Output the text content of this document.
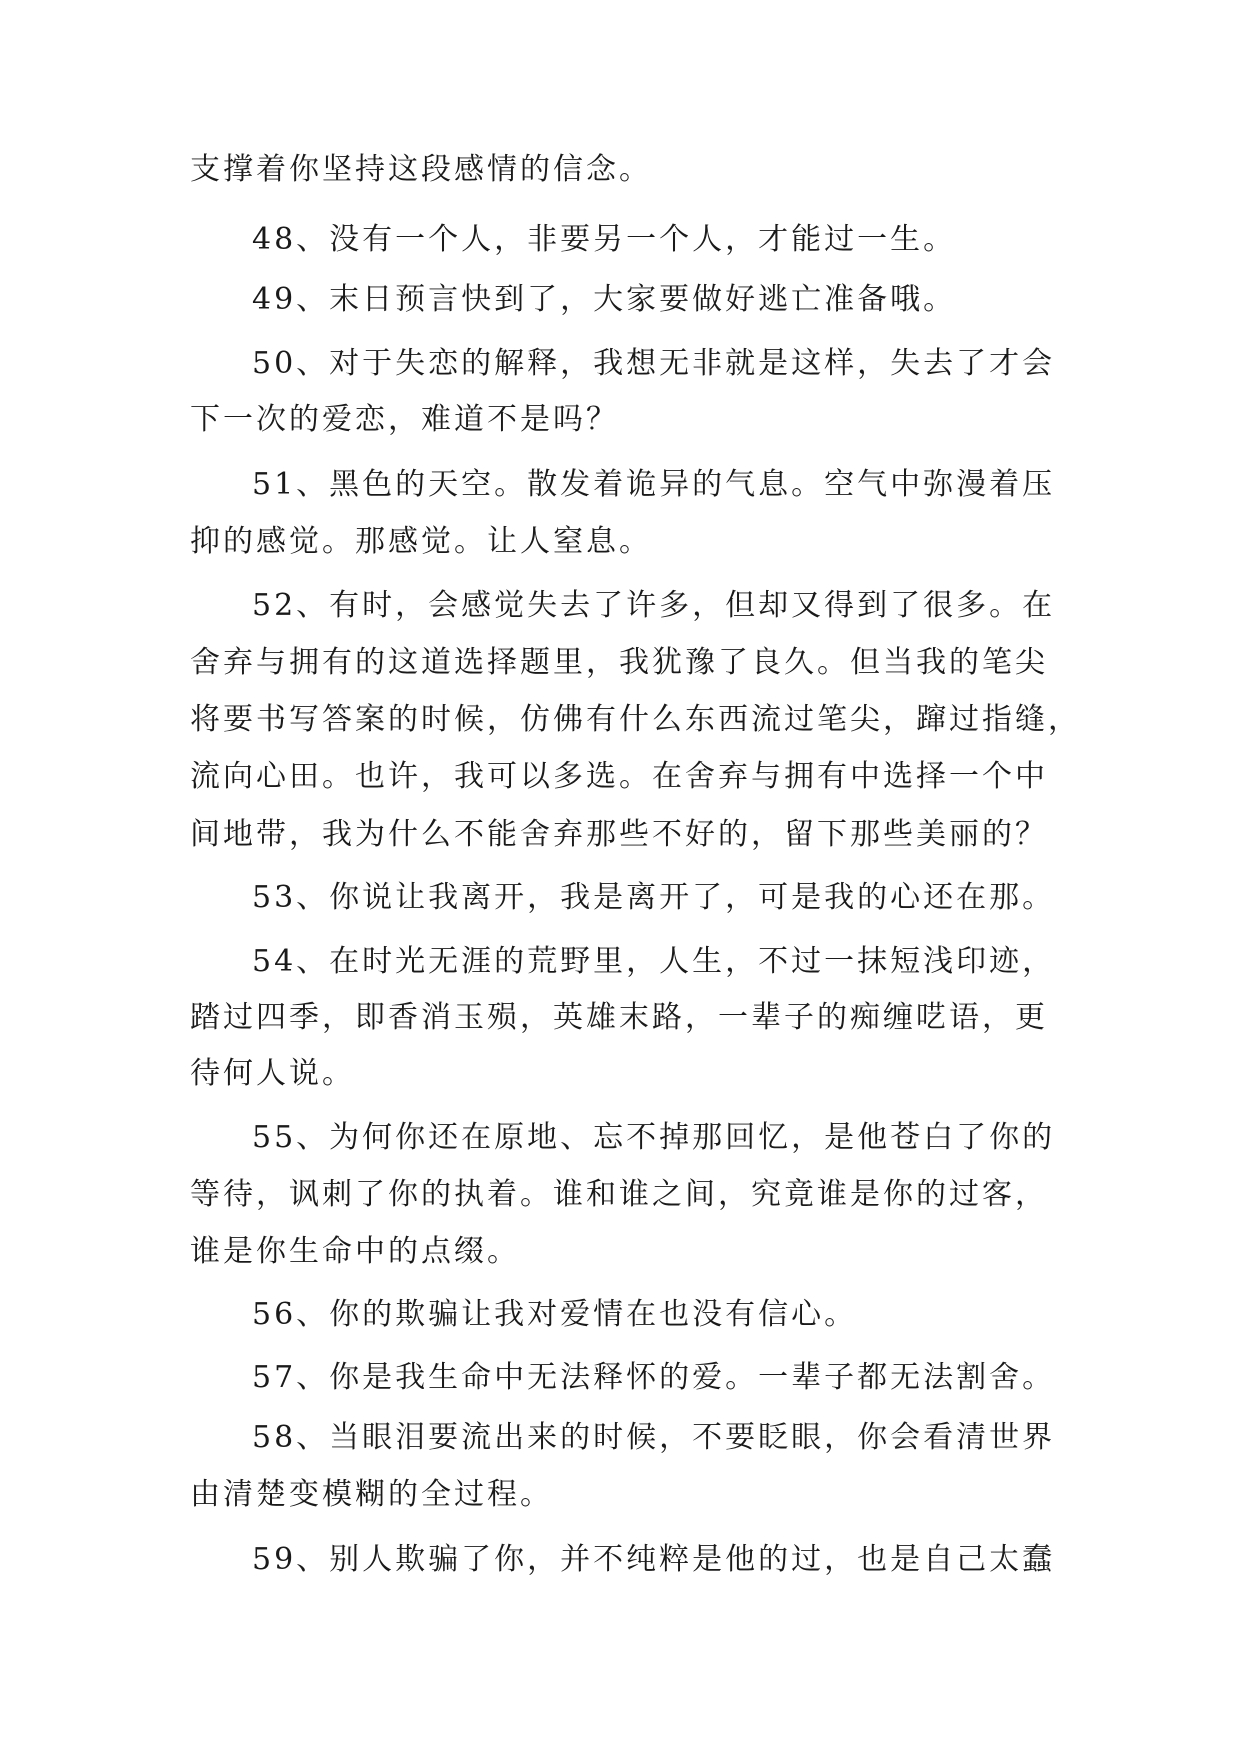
支撑着你坚持这段感情的信念。
48、没有一个人，非要另一个人，才能过一生。
49、末日预言快到了，大家要做好逃亡准备哦。
50、对于失恋的解释，我想无非就是这样，失去了才会
下一次的爱恋，难道不是吗？
51、黑色的天空。散发着诡异的气息。空气中弥漫着压
抑的感觉。那感觉。让人窒息。
52、有时，会感觉失去了许多，但却又得到了很多。在
舍弃与拥有的这道选择题里，我犹豫了良久。但当我的笔尖
将要书写答案的时候，仿佛有什么东西流过笔尖，蹿过指缝，
流向心田。也许，我可以多选。在舍弃与拥有中选择一个中
间地带，我为什么不能舍弃那些不好的，留下那些美丽的？
53、你说让我离开，我是离开了，可是我的心还在那。
54、在时光无涯的荒野里，人生，不过一抹短浅印迹，
踏过四季，即香消玉殒，英雄末路，一辈子的痴缠呓语，更
待何人说。
55、为何你还在原地、忘不掉那回忆，是他苍白了你的
等待，讽刺了你的执着。谁和谁之间，究竟谁是你的过客，
谁是你生命中的点缀。
56、你的欺骗让我对爱情在也没有信心。
57、你是我生命中无法释怀的爱。一辈子都无法割舍。
58、当眼泪要流出来的时候，不要眨眼，你会看清世界
由清楚变模糊的全过程。
59、别人欺骗了你，并不纯粹是他的过，也是自己太蠢
